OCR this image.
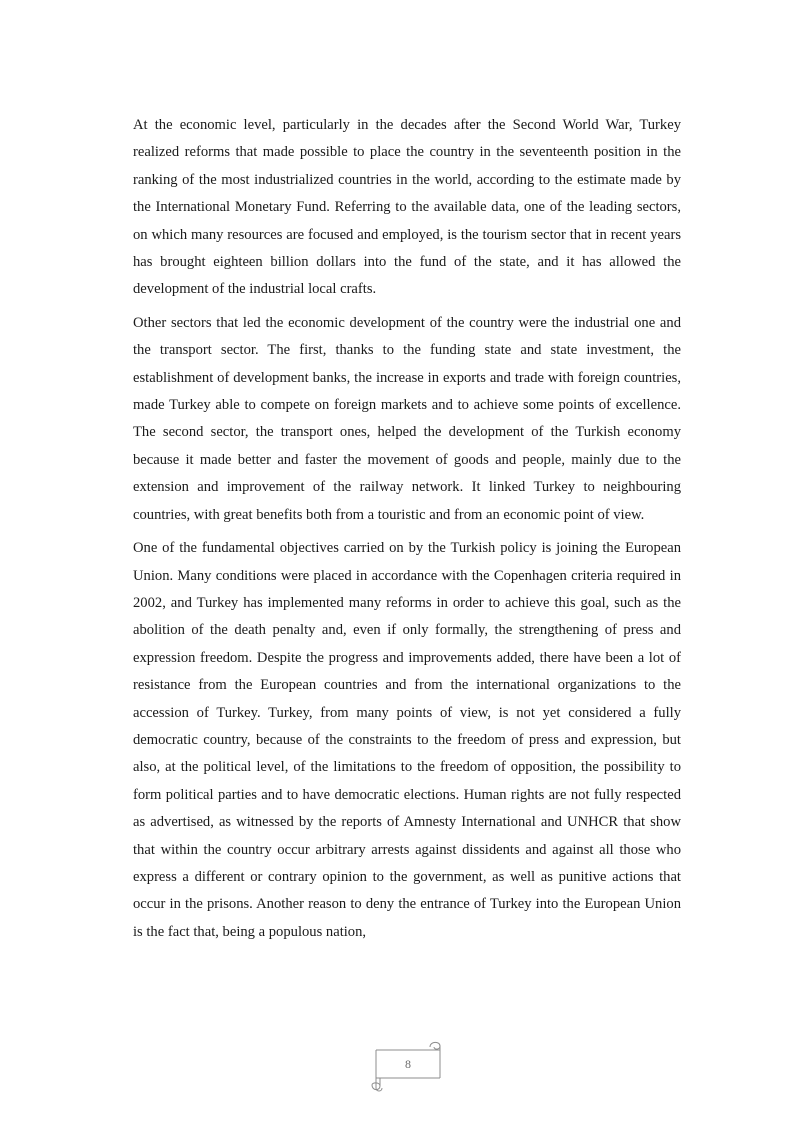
At the economic level, particularly in the decades after the Second World War, Turkey realized reforms that made possible to place the country in the seventeenth position in the ranking of the most industrialized countries in the world, according to the estimate made by the International Monetary Fund. Referring to the available data, one of the leading sectors, on which many resources are focused and employed, is the tourism sector that in recent years has brought eighteen billion dollars into the fund of the state, and it has allowed the development of the industrial local crafts.

Other sectors that led the economic development of the country were the industrial one and the transport sector. The first, thanks to the funding state and state investment, the establishment of development banks, the increase in exports and trade with foreign countries, made Turkey able to compete on foreign markets and to achieve some points of excellence. The second sector, the transport ones, helped the development of the Turkish economy because it made better and faster the movement of goods and people, mainly due to the extension and improvement of the railway network. It linked Turkey to neighbouring countries, with great benefits both from a touristic and from an economic point of view.

One of the fundamental objectives carried on by the Turkish policy is joining the European Union. Many conditions were placed in accordance with the Copenhagen criteria required in 2002, and Turkey has implemented many reforms in order to achieve this goal, such as the abolition of the death penalty and, even if only formally, the strengthening of press and expression freedom. Despite the progress and improvements added, there have been a lot of resistance from the European countries and from the international organizations to the accession of Turkey. Turkey, from many points of view, is not yet considered a fully democratic country, because of the constraints to the freedom of press and expression, but also, at the political level, of the limitations to the freedom of opposition, the possibility to form political parties and to have democratic elections. Human rights are not fully respected as advertised, as witnessed by the reports of Amnesty International and UNHCR that show that within the country occur arbitrary arrests against dissidents and against all those who express a different or contrary opinion to the government, as well as punitive actions that occur in the prisons. Another reason to deny the entrance of Turkey into the European Union is the fact that, being a populous nation,

8
